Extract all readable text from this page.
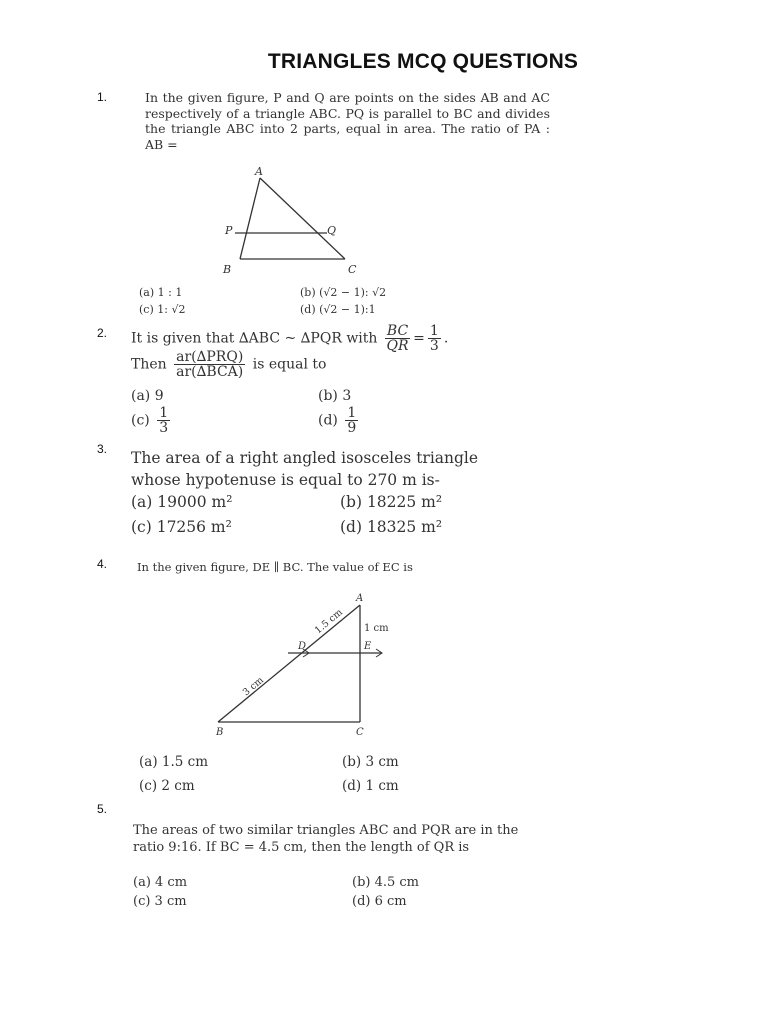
TRIANGLES MCQ QUESTIONS
1.	In the given figure, P and Q are points on the sides AB and AC respectively of a triangle ABC. PQ is parallel to BC and divides the triangle ABC into 2 parts, equal in area. The ratio of PA : AB =
A
P	Q
B	C
(a) 1 : 1	(b) (√2 − 1): √2
(c) 1: √2	(d) (√2 − 1):1
2. It is given that ∆ABC ~ ∆PQR with $\frac{BC}{QR} = \frac{1}{3}$ .
Then $\frac{\text{ar(∆PRQ)}}{\text{ar(∆BCA)}}$ is equal to
(a) 9	(b) 3
$(c) \frac{1}{3}$	$(d) \frac{1}{9}$
3. The area of a right angled isosceles triangle whose hypotenuse is equal to 270 m is-
(a) 19000 m²	(b) 18225 m²
(c) 17256 m²	(d) 18325 m²
4.	In the given figure, DE ∥ BC. The value of EC is
A
D	E
B	C
1 cm
1.5 cm
3 cm
(a) 1.5 cm	(b) 3 cm
(c) 2 cm	(d) 1 cm
5.
The areas of two similar triangles ABC and PQR are in the ratio 9:16. If BC = 4.5 cm, then the length of QR is
(a) 4 cm	(b) 4.5 cm
(c) 3 cm	(d) 6 cm
